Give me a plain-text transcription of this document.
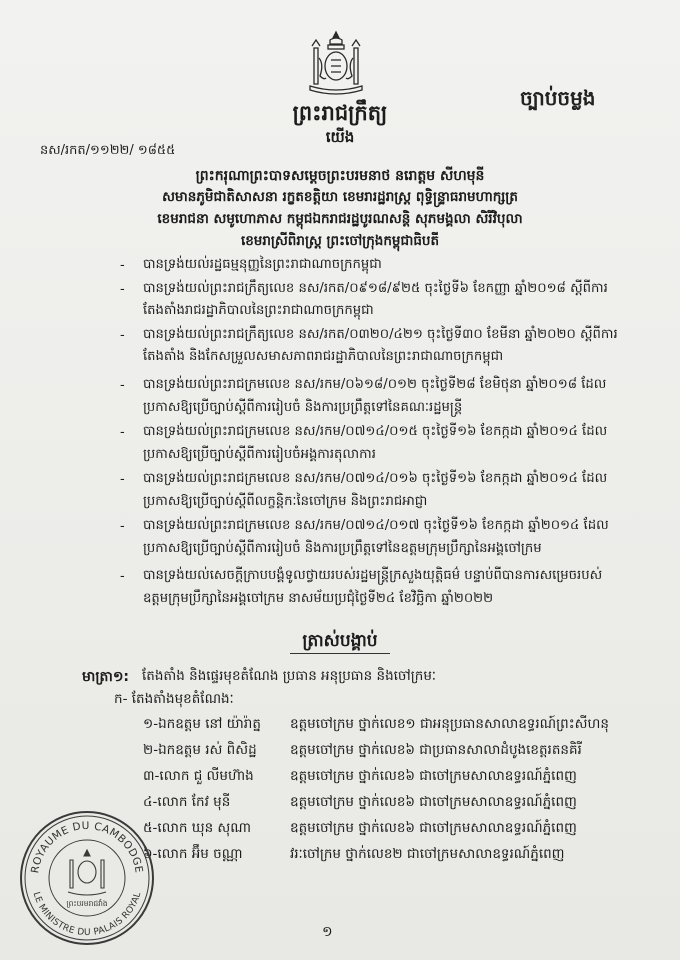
ច្បាប់ចម្លង
ព្រះរាជក្រឹត្យ
យើង
នស/រកត/១១២២/ ១៨៥៥
ព្រះករុណាព្រះបាទសម្តេចព្រះបរមនាថ នរោត្តម សីហមុនី
សមានភូមិជាតិសាសនា រក្ខតខត្តិយា ខេមរារដ្ឋរាស្ត្រ ពុទ្ធិន្ទ្រាធរាមហាក្សត្រ
ខេមរាជនា សមូហោភាស កម្ពុជឯករាជរដ្ឋបូរណសន្តិ សុភមង្គលា សិរីវិបុលា
ខេមរាស្រីពិរាស្ត្រ ព្រះចៅក្រុងកម្ពុជាធិបតី
- បានទ្រង់យល់រដ្ឋធម្មនុញ្ញនៃព្រះរាជាណាចក្រកម្ពុជា
- បានទ្រង់យល់ព្រះរាជក្រឹត្យលេខ នស/រកត/០៩១៨/៩២៥ ចុះថ្ងៃទី៦ ខែកញ្ញា ឆ្នាំ២០១៨ ស្តីពីការ
តែងតាំងរាជរដ្ឋាភិបាលនៃព្រះរាជាណាចក្រកម្ពុជា
- បានទ្រង់យល់ព្រះរាជក្រឹត្យលេខ នស/រកត/០៣២០/៤២១ ចុះថ្ងៃទី៣០ ខែមីនា ឆ្នាំ២០២០ ស្តីពីការ
តែងតាំង និងកែសម្រួលសមាសភាពរាជរដ្ឋាភិបាលនៃព្រះរាជាណាចក្រកម្ពុជា
- បានទ្រង់យល់ព្រះរាជក្រមលេខ នស/រកម/០៦១៨/០១២ ចុះថ្ងៃទី២៨ ខែមិថុនា ឆ្នាំ២០១៨ ដែល
ប្រកាសឱ្យប្រើច្បាប់ស្តីពីការរៀបចំ និងការប្រព្រឹត្តទៅនៃគណៈរដ្ឋមន្ត្រី
- បានទ្រង់យល់ព្រះរាជក្រមលេខ នស/រកម/០៧១៤/០១៥ ចុះថ្ងៃទី១៦ ខែកក្កដា ឆ្នាំ២០១៤ ដែល
ប្រកាសឱ្យប្រើច្បាប់ស្តីពីការរៀបចំអង្គការតុលាការ
- បានទ្រង់យល់ព្រះរាជក្រមលេខ នស/រកម/០៧១៤/០១៦ ចុះថ្ងៃទី១៦ ខែកក្កដា ឆ្នាំ២០១៤ ដែល
ប្រកាសឱ្យប្រើច្បាប់ស្តីពីលក្ខន្តិកៈនៃចៅក្រម និងព្រះរាជអាជ្ញា
- បានទ្រង់យល់ព្រះរាជក្រមលេខ នស/រកម/០៧១៤/០១៧ ចុះថ្ងៃទី១៦ ខែកក្កដា ឆ្នាំ២០១៤ ដែល
ប្រកាសឱ្យប្រើច្បាប់ស្តីពីការរៀបចំ និងការប្រព្រឹត្តទៅនៃឧត្តមក្រុមប្រឹក្សានៃអង្គចៅក្រម
- បានទ្រង់យល់សេចក្តីក្រាបបង្គំទូលថ្វាយរបស់រដ្ឋមន្ត្រីក្រសួងយុត្តិធម៌ បន្ទាប់ពីបានការសម្រេចរបស់
ឧត្តមក្រុមប្រឹក្សានៃអង្គចៅក្រម នាសម័យប្រជុំថ្ងៃទី២៤ ខែវិច្ឆិកា ឆ្នាំ២០២២
ត្រាស់បង្គាប់
មាត្រា១: តែងតាំង និងផ្ទេរមុខតំណែង ប្រធាន អនុប្រធាន និងចៅក្រមៈ
ក- តែងតាំងមុខតំណែងៈ
១-ឯកឧត្តម នៅ យ៉ារ៉ាត្ន ឧត្តមចៅក្រម ថ្នាក់លេខ១ ជាអនុប្រធានសាលាឧទ្ធរណ៍ព្រះសីហនុ
២-ឯកឧត្តម រស់ ពិសិដ្ឋ ឧត្តមចៅក្រម ថ្នាក់លេខ៦ ជាប្រធានសាលាដំបូងខេត្តរតនគិរី
៣-លោក ជួ លីមហ៊ាង	ឧត្តមចៅក្រម ថ្នាក់លេខ៦ ជាចៅក្រមសាលាឧទ្ធរណ៍ភ្នំពេញ
៤-លោក កែវ មុនី	ឧត្តមចៅក្រម ថ្នាក់លេខ៦ ជាចៅក្រមសាលាឧទ្ធរណ៍ភ្នំពេញ
៥-លោក ឃុន សុណា	ឧត្តមចៅក្រម ថ្នាក់លេខ៦ ជាចៅក្រមសាលាឧទ្ធរណ៍ភ្នំពេញ
៦-លោក អ៊ឹម ចណ្ណា	វរៈចៅក្រម ថ្នាក់លេខ២ ជាចៅក្រមសាលាឧទ្ធរណ៍ភ្នំពេញ
ROYAUME DU CAMBODGE
LE MINISTRE DU PALAIS ROYAL
ព្រះបរមរាជវាំង
១
